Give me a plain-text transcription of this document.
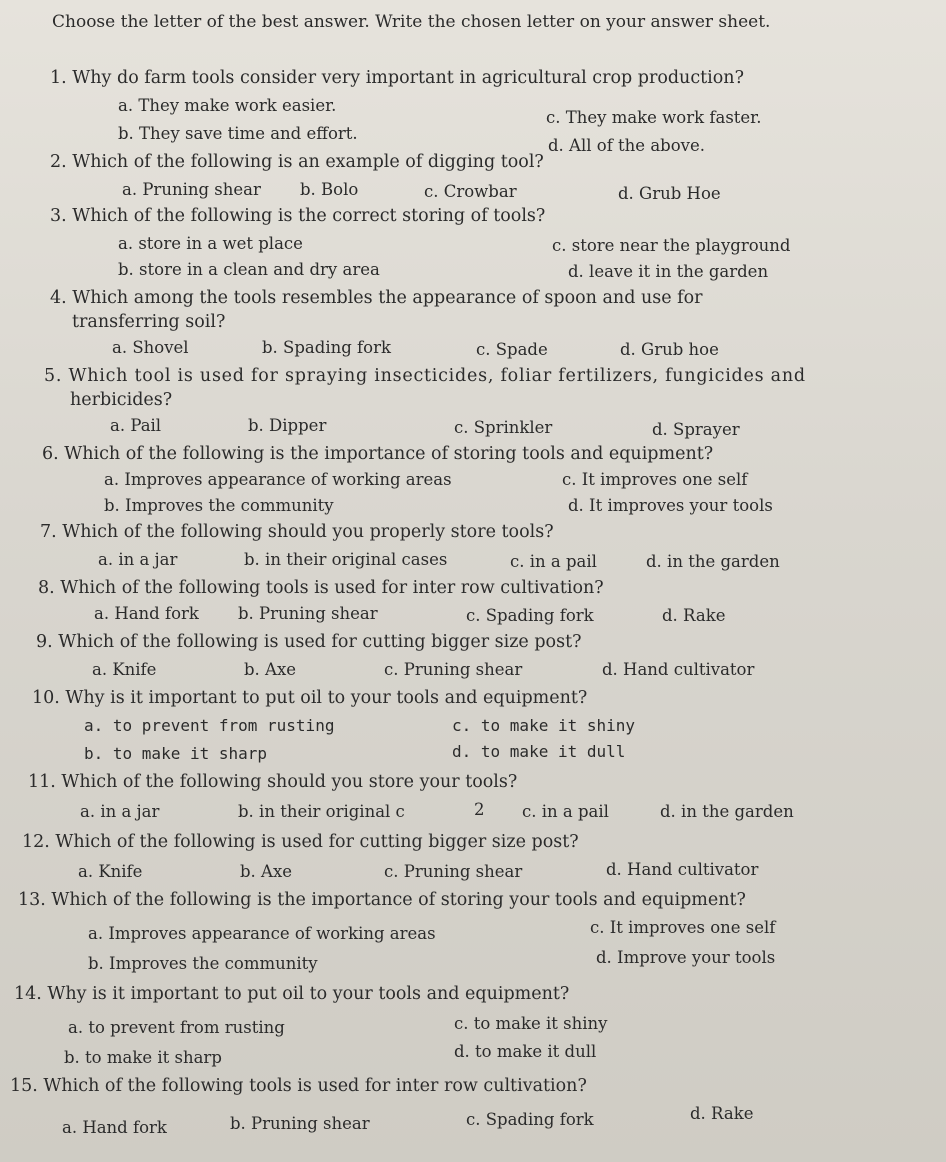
Choose the letter of the best answer. Write the chosen letter on your answer sheet.
1. Why do farm tools consider very important in agricultural crop production?
a. They make work easier.
c. They make work faster.
b. They save time and effort.
d. All of the above.
2. Which of the following is an example of digging tool?
a. Pruning shear b. Bolo	c. Crowbar	d. Grub Hoe
3. Which of the following is the correct storing of tools?
a. store in a wet place	c. store near the playground
b. store in a clean and dry area	d. leave it in the garden
4. Which among the tools resembles the appearance of spoon and use for
transferring soil?
a. Shovel	b. Spading fork	c. Spade	d. Grub hoe
5. Which tool is used for spraying insecticides, foliar fertilizers, fungicides and
herbicides?
a. Pail	b. Dipper	c. Sprinkler	d. Sprayer
6. Which of the following is the importance of storing tools and equipment?
a. Improves appearance of working areas	c. It improves one self
b. Improves the community	d. It improves your tools
7. Which of the following should you properly store tools?
a. in a jar	b. in their original cases	c. in a pail	d. in the garden
8. Which of the following tools is used for inter row cultivation?
a. Hand fork b. Pruning shear	c. Spading fork	d. Rake
9. Which of the following is used for cutting bigger size post?
a. Knife	b. Axe	c. Pruning shear	d. Hand cultivator
10. Why is it important to put oil to your tools and equipment?
a. to prevent from rusting	c. to make it shiny
b. to make it sharp	d. to make it dull
11. Which of the following should you store your tools?
a. in a jar	b. in their original c	2 c. in a pail	d. in the garden
12. Which of the following is used for cutting bigger size post?
a. Knife	b. Axe	c. Pruning shear	d. Hand cultivator
13. Which of the following is the importance of storing your tools and equipment?
a. Improves appearance of working areas	c. It improves one self
b. Improves the community	d. Improve your tools
14. Why is it important to put oil to your tools and equipment?
a. to prevent from rusting	c. to make it shiny
b. to make it sharp	d. to make it dull
15. Which of the following tools is used for inter row cultivation?
a. Hand fork	b. Pruning shear	c. Spading fork	d. Rake
